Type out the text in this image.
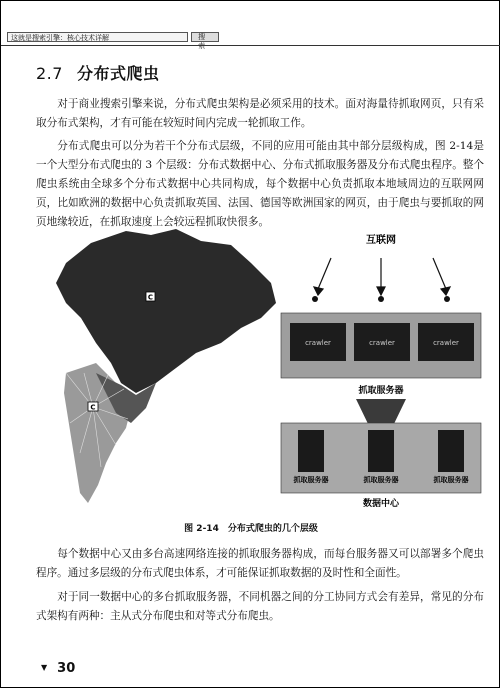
这就是搜索引擎：核心技术详解	搜索
2.7 分布式爬虫

对于商业搜索引擎来说，分布式爬虫架构是必须采用的技术。面对海量待抓取网页，只有采取分布式架构，才有可能在较短时间内完成一轮抓取工作。

分布式爬虫可以分为若干个分布式层级，不同的应用可能由其中部分层级构成，图 2-14是一个大型分布式爬虫的 3 个层级：分布式数据中心、分布式抓取服务器及分布式爬虫程序。整个爬虫系统由全球多个分布式数据中心共同构成，每个数据中心负责抓取本地域周边的互联网网页，比如欧洲的数据中心负责抓取英国、法国、德国等欧洲国家的网页，由于爬虫与要抓取的网页地缘较近，在抓取速度上会较远程抓取快很多。

C
C
互联网
crawler	crawler	crawler
抓取服务器
抓取服务器	抓取服务器	抓取服务器
数据中心
图 2-14　分布式爬虫的几个层级

每个数据中心又由多台高速网络连接的抓取服务器构成，而每台服务器又可以部署多个爬虫程序。通过多层级的分布式爬虫体系，才可能保证抓取数据的及时性和全面性。

对于同一数据中心的多台抓取服务器，不同机器之间的分工协同方式会有差异，常见的分布式架构有两种：主从式分布爬虫和对等式分布爬虫。

▼ 30
